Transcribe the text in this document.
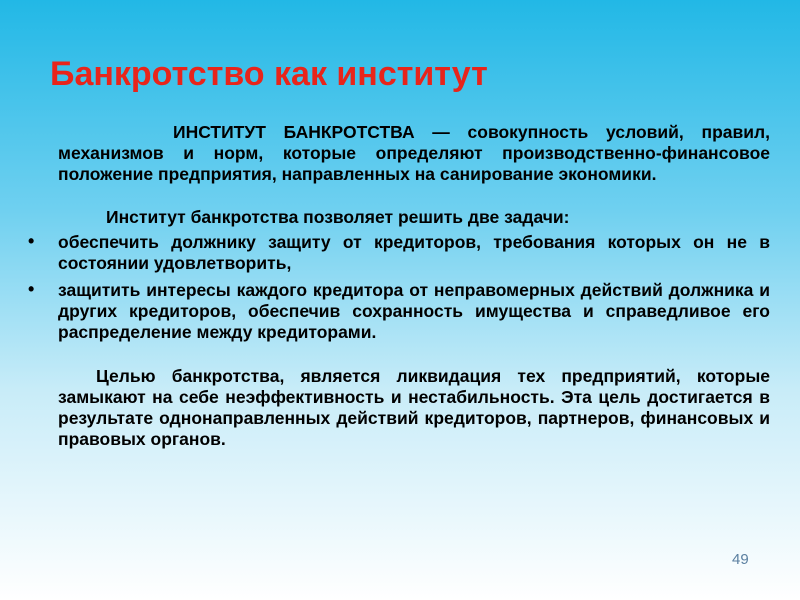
Банкротство как институт

ИНСТИТУТ БАНКРОТСТВА — совокупность условий, правил, механизмов и норм, которые определяют производственно-финансовое положение предприятия, направленных на санирование экономики.

Институт банкротства позволяет решить две задачи:

• обеспечить должнику защиту от кредиторов, требования которых он не в состоянии удовлетворить,
• защитить интересы каждого кредитора от неправомерных действий должника и других кредиторов, обеспечив сохранность имущества и справедливое его распределение между кредиторами.

Целью банкротства, является ликвидация тех предприятий, которые замыкают на себе неэффективность и нестабильность. Эта цель достигается в результате однонаправленных действий кредиторов, партнеров, финансовых и правовых органов.

49
